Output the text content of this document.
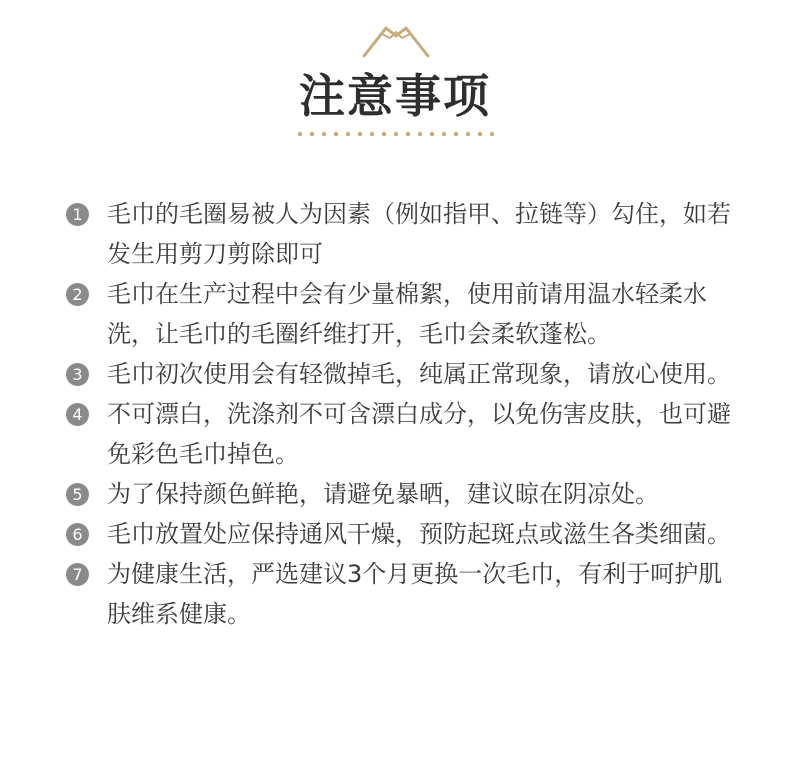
注意事项
1 毛巾的毛圈易被人为因素（例如指甲、拉链等）勾住，如若发生用剪刀剪除即可
2 毛巾在生产过程中会有少量棉絮，使用前请用温水轻柔水洗，让毛巾的毛圈纤维打开，毛巾会柔软蓬松。
3 毛巾初次使用会有轻微掉毛，纯属正常现象，请放心使用。
4 不可漂白，洗涤剂不可含漂白成分，以免伤害皮肤，也可避免彩色毛巾掉色。
5 为了保持颜色鲜艳，请避免暴晒，建议晾在阴凉处。
6 毛巾放置处应保持通风干燥，预防起斑点或滋生各类细菌。
7 为健康生活，严选建议3个月更换一次毛巾，有利于呵护肌肤维系健康。
